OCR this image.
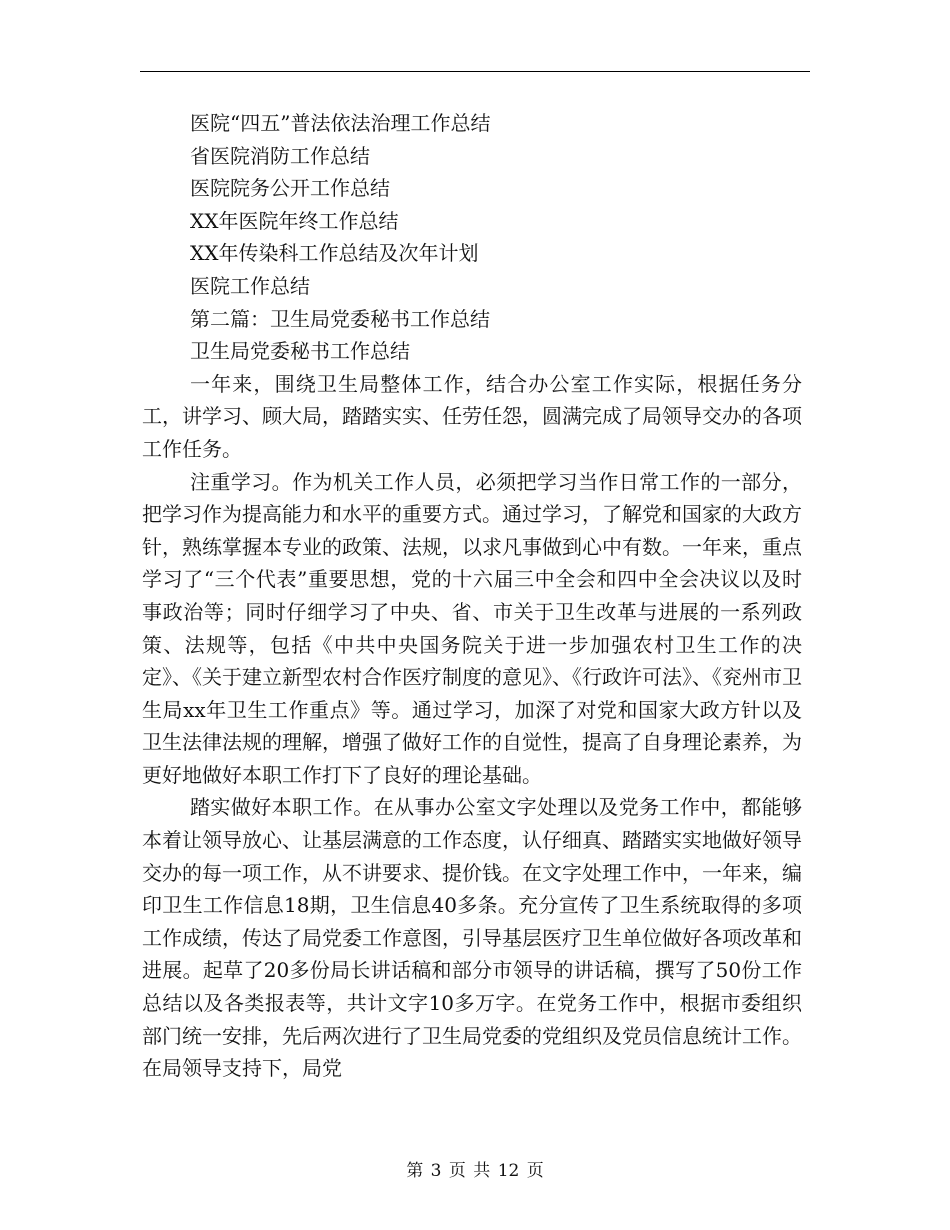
医院“四五”普法依法治理工作总结

省医院消防工作总结

医院院务公开工作总结

XX年医院年终工作总结

XX年传染科工作总结及次年计划

医院工作总结

第二篇：卫生局党委秘书工作总结

卫生局党委秘书工作总结

一年来，围绕卫生局整体工作，结合办公室工作实际，根据任务分工，讲学习、顾大局，踏踏实实、任劳任怨，圆满完成了局领导交办的各项工作任务。

注重学习。作为机关工作人员，必须把学习当作日常工作的一部分，把学习作为提高能力和水平的重要方式。通过学习，了解党和国家的大政方针，熟练掌握本专业的政策、法规，以求凡事做到心中有数。一年来，重点学习了“三个代表”重要思想，党的十六届三中全会和四中全会决议以及时事政治等；同时仔细学习了中央、省、市关于卫生改革与进展的一系列政策、法规等，包括《中共中央国务院关于进一步加强农村卫生工作的决定》、《关于建立新型农村合作医疗制度的意见》、《行政许可法》、《兖州市卫生局xx年卫生工作重点》等。通过学习，加深了对党和国家大政方针以及卫生法律法规的理解，增强了做好工作的自觉性，提高了自身理论素养，为更好地做好本职工作打下了良好的理论基础。

踏实做好本职工作。在从事办公室文字处理以及党务工作中，都能够本着让领导放心、让基层满意的工作态度，认仔细真、踏踏实实地做好领导交办的每一项工作，从不讲要求、提价钱。在文字处理工作中，一年来，编印卫生工作信息18期，卫生信息40多条。充分宣传了卫生系统取得的多项工作成绩，传达了局党委工作意图，引导基层医疗卫生单位做好各项改革和进展。起草了20多份局长讲话稿和部分市领导的讲话稿，撰写了50份工作总结以及各类报表等，共计文字10多万字。在党务工作中，根据市委组织部门统一安排，先后两次进行了卫生局党委的党组织及党员信息统计工作。在局领导支持下，局党

第 3 页 共 12 页
